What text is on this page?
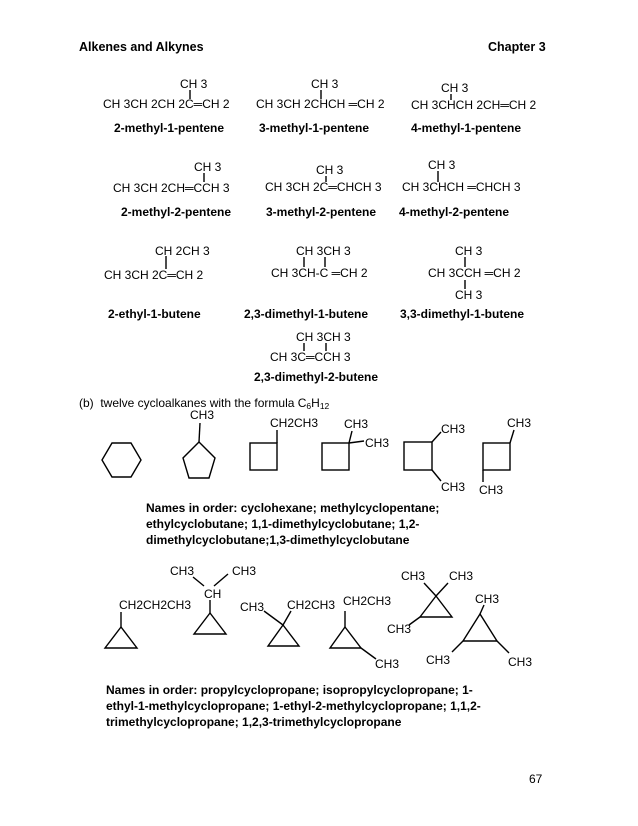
Alkenes and Alkynes	Chapter 3
CH 3
CH 3CH 2CH 2C═CH 2
2-methyl-1-pentene
CH 3
CH 3CH 2CHCH ═CH 2
3-methyl-1-pentene
CH 3
CH 3CHCH 2CH═CH 2
4-methyl-1-pentene
CH 3
CH 3CH 2CH═CCH 3
2-methyl-2-pentene
CH 3
CH 3CH 2C═CHCH 3
3-methyl-2-pentene
CH 3
CH 3CHCH ═CHCH 3
4-methyl-2-pentene
CH 2CH 3
CH 3CH 2C═CH 2
2-ethyl-1-butene
CH 3CH 3
CH 3CH-C ═CH 2
2,3-dimethyl-1-butene
CH 3
CH 3CCH ═CH 2
CH 3
3,3-dimethyl-1-butene
CH 3CH 3
CH 3C═CCH 3
2,3-dimethyl-2-butene
(b)  twelve cycloalkanes with the formula $C_6H_{12}$
CH3
CH2CH3 CH3
CH3
CH3
CH3
CH3
CH3
Names in order: cyclohexane; methylcyclopentane; ethylcyclobutane; 1,1-dimethylcyclobutane; 1,2-dimethylcyclobutane;1,3-dimethylcyclobutane
CH2CH2CH3
CH
CH3	CH3
CH3 CH2CH3 CH2CH3
CH3
CH3 CH3
CH3
CH3
CH3	CH3
Names in order: propylcyclopropane; isopropylcyclopropane; 1-ethyl-1-methylcyclopropane; 1-ethyl-2-methylcyclopropane; 1,1,2-trimethylcyclopropane; 1,2,3-trimethylcyclopropane
67
